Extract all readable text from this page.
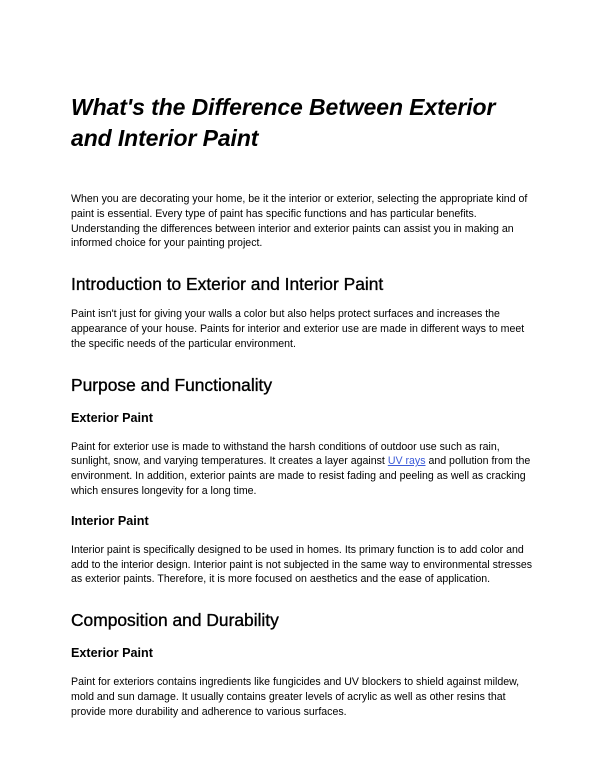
What's the Difference Between Exterior and Interior Paint

When you are decorating your home, be it the interior or exterior, selecting the appropriate kind of paint is essential. Every type of paint has specific functions and has particular benefits. Understanding the differences between interior and exterior paints can assist you in making an informed choice for your painting project.

Introduction to Exterior and Interior Paint

Paint isn't just for giving your walls a color but also helps protect surfaces and increases the appearance of your house. Paints for interior and exterior use are made in different ways to meet the specific needs of the particular environment.

Purpose and Functionality
Exterior Paint

Paint for exterior use is made to withstand the harsh conditions of outdoor use such as rain, sunlight, snow, and varying temperatures. It creates a layer against UV rays and pollution from the environment. In addition, exterior paints are made to resist fading and peeling as well as cracking which ensures longevity for a long time.

Interior Paint

Interior paint is specifically designed to be used in homes. Its primary function is to add color and add to the interior design. Interior paint is not subjected in the same way to environmental stresses as exterior paints. Therefore, it is more focused on aesthetics and the ease of application.

Composition and Durability
Exterior Paint

Paint for exteriors contains ingredients like fungicides and UV blockers to shield against mildew, mold and sun damage. It usually contains greater levels of acrylic as well as other resins that provide more durability and adherence to various surfaces.
